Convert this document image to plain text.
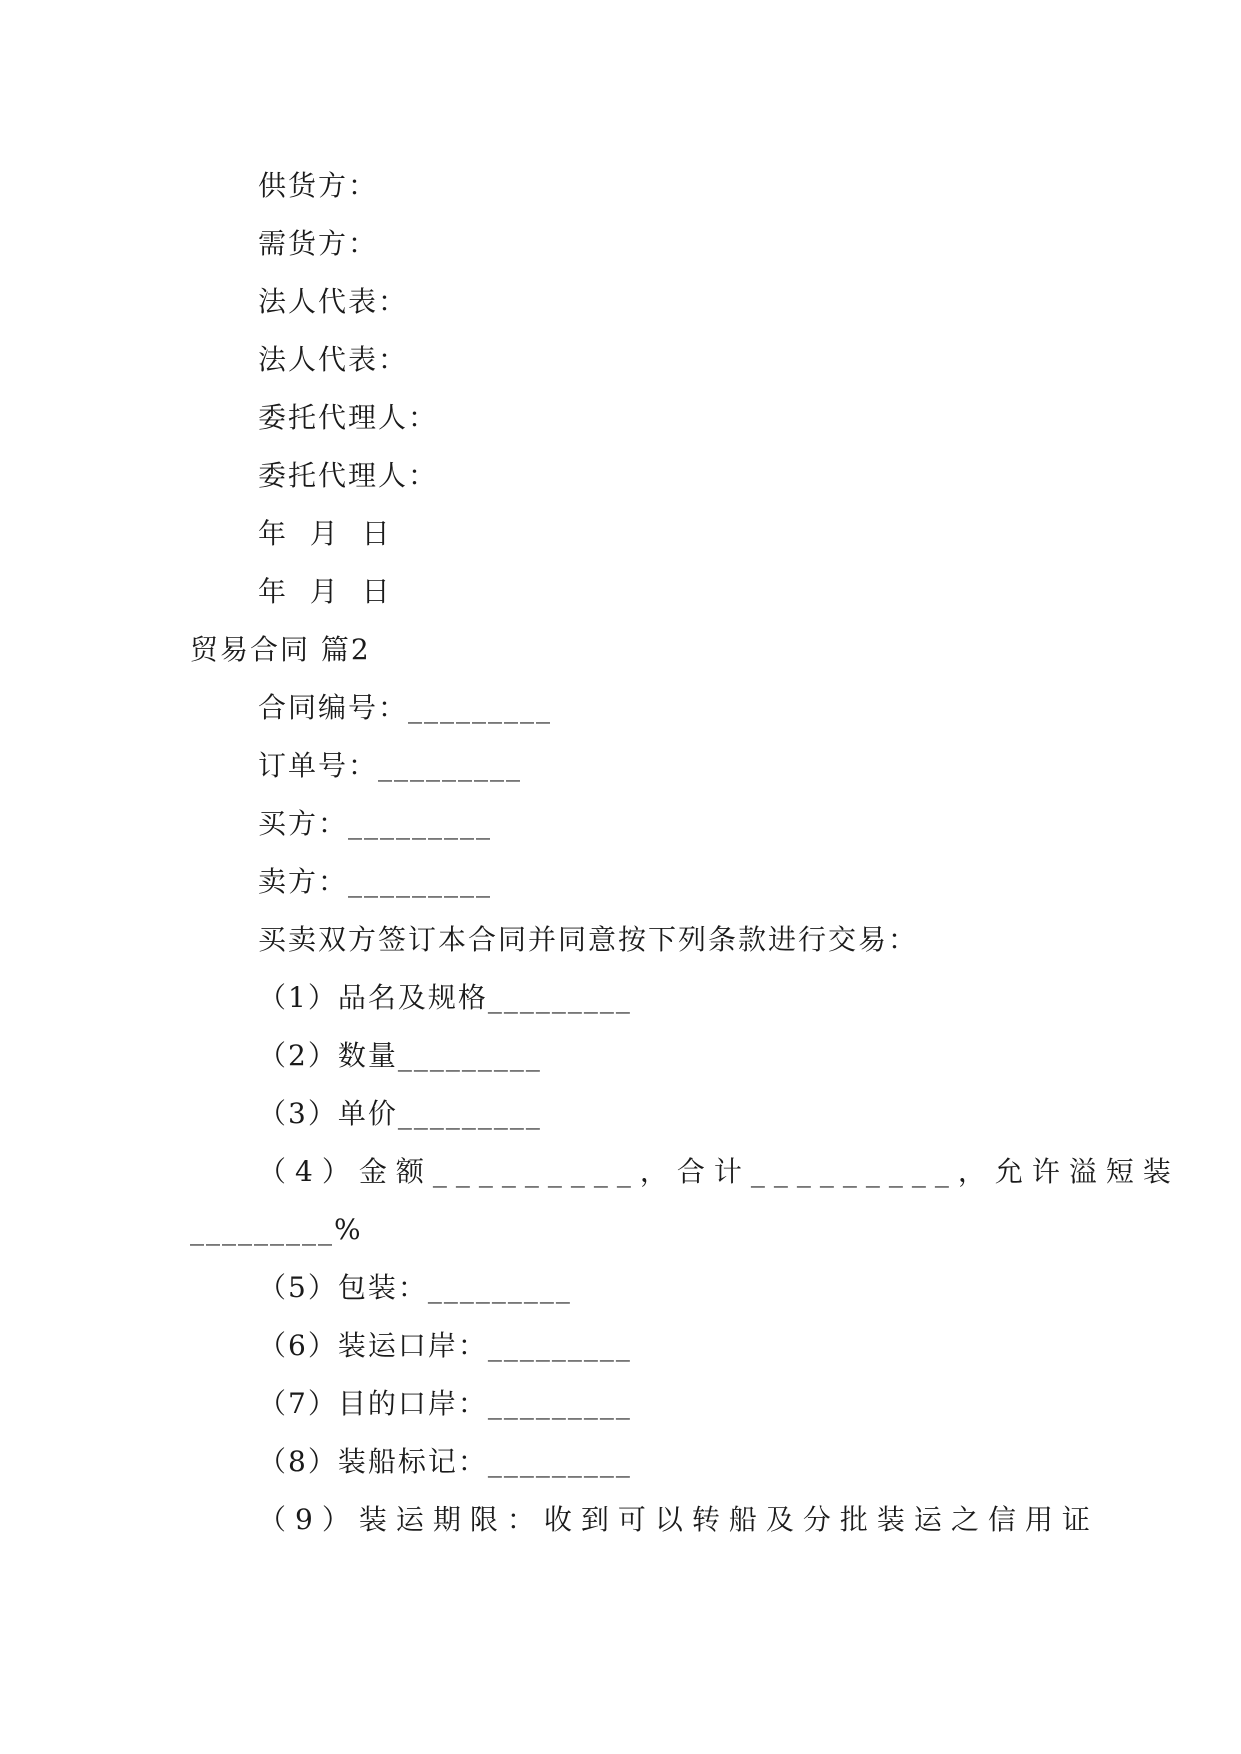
供货方：
需货方：
法人代表：
法人代表：
委托代理人：
委托代理人：
年  月  日
年  月  日
贸易合同 篇2
合同编号：_________
订单号：_________
买方：_________
卖方：_________
买卖双方签订本合同并同意按下列条款进行交易：
（1）品名及规格_________
（2）数量_________
（3）单价_________
（4）金额_________，合计_________，允许溢短装
_________%
（5）包装：_________
（6）装运口岸：_________
（7）目的口岸：_________
（8）装船标记：_________
（9）装运期限：收到可以转船及分批装运之信用证
